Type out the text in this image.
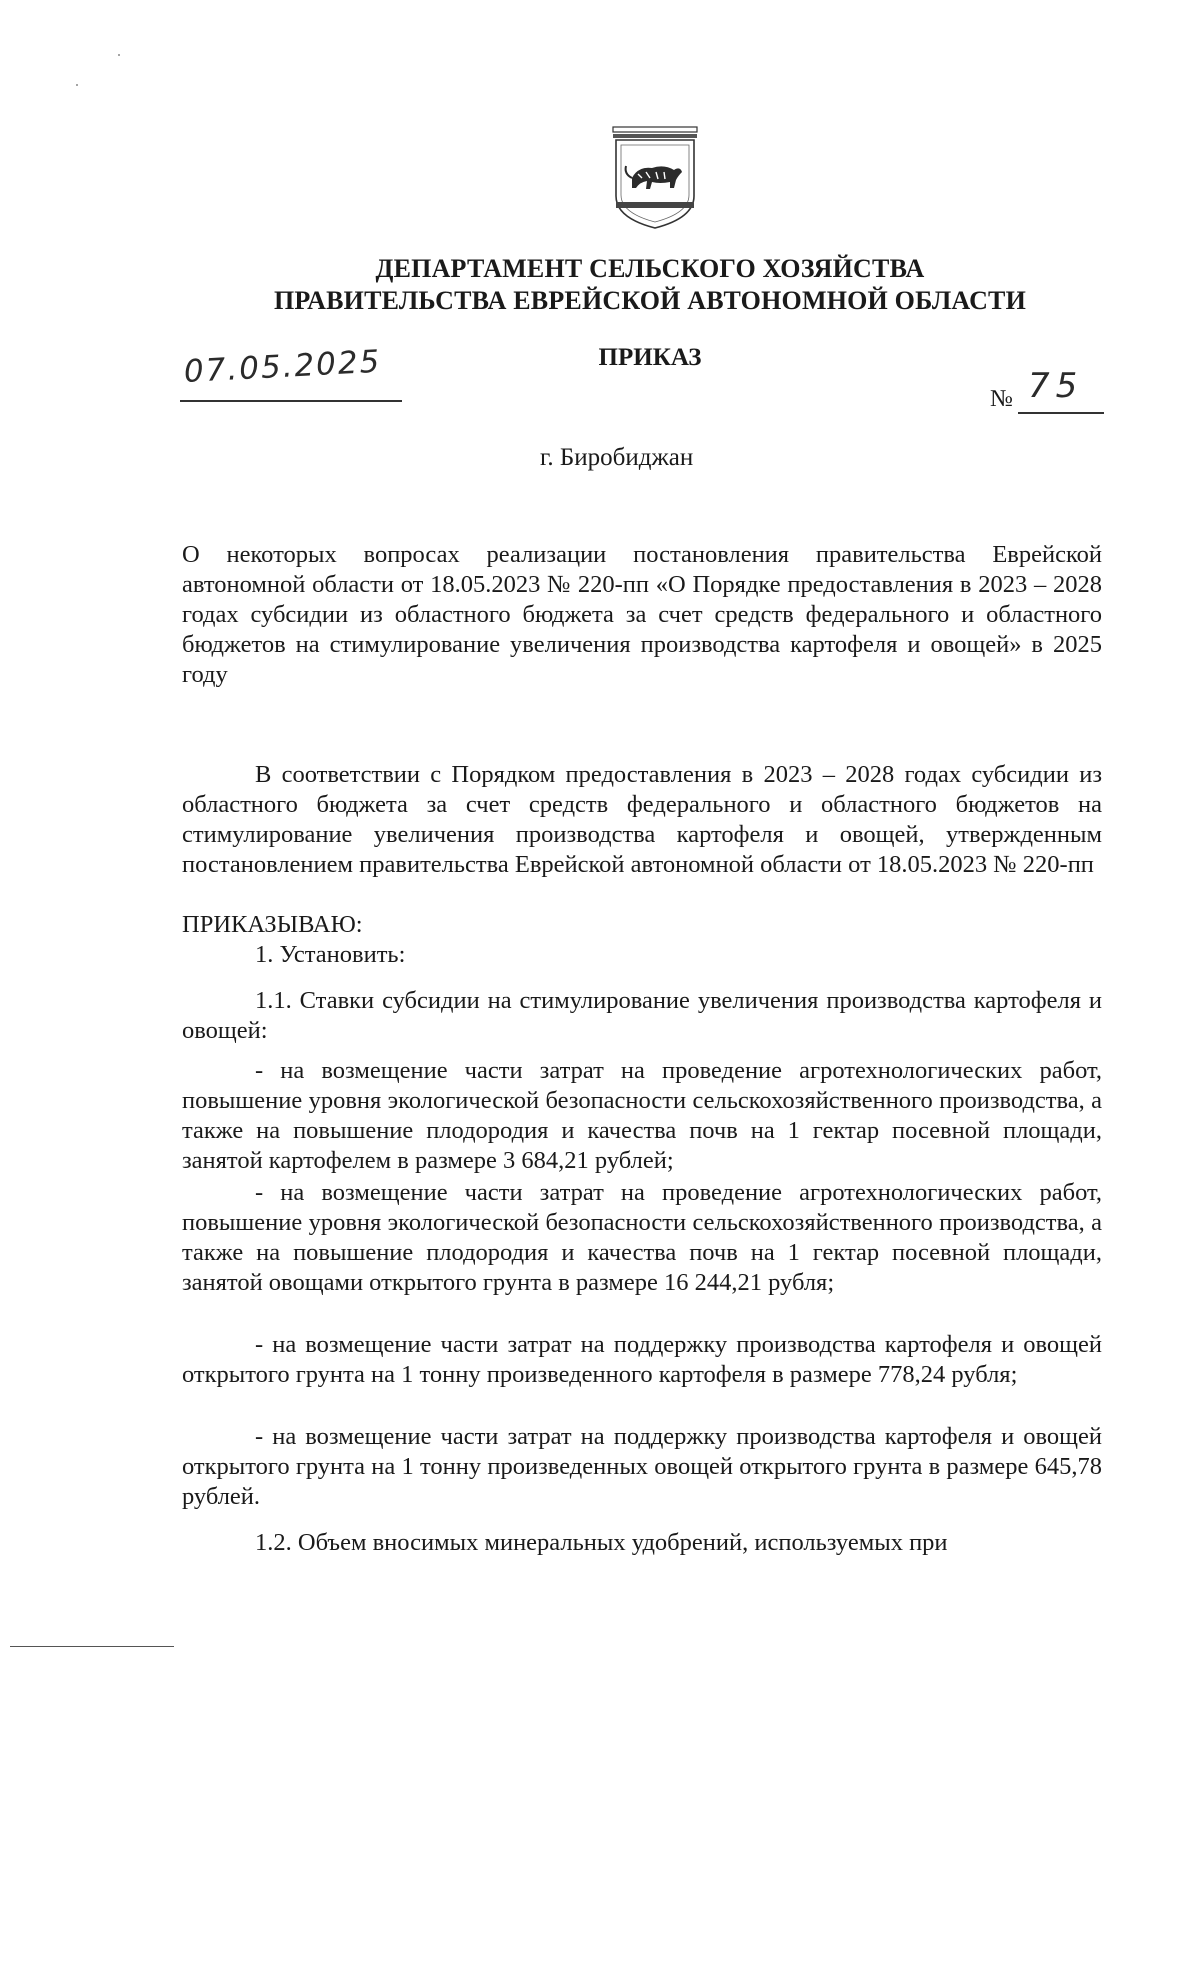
ДЕПАРТАМЕНТ СЕЛЬСКОГО ХОЗЯЙСТВА
ПРАВИТЕЛЬСТВА ЕВРЕЙСКОЙ АВТОНОМНОЙ ОБЛАСТИ
ПРИКАЗ
07.05.2025
№ 75
г. Биробиджан
О некоторых вопросах реализации постановления правительства Еврейской автономной области от 18.05.2023 № 220-пп «О Порядке предоставления в 2023 – 2028 годах субсидии из областного бюджета за счет средств федерального и областного бюджетов на стимулирование увеличения производства картофеля и овощей» в 2025 году
В соответствии с Порядком предоставления в 2023 – 2028 годах субсидии из областного бюджета за счет средств федерального и областного бюджетов на стимулирование увеличения производства картофеля и овощей, утвержденным постановлением правительства Еврейской автономной области от 18.05.2023 № 220-пп
ПРИКАЗЫВАЮ:
1. Установить:
1.1. Ставки субсидии на стимулирование увеличения производства картофеля и овощей:
- на возмещение части затрат на проведение агротехнологических работ, повышение уровня экологической безопасности сельскохозяйственного производства, а также на повышение плодородия и качества почв на 1 гектар посевной площади, занятой картофелем в размере 3 684,21 рублей;
- на возмещение части затрат на проведение агротехнологических работ, повышение уровня экологической безопасности сельскохозяйственного производства, а также на повышение плодородия и качества почв на 1 гектар посевной площади, занятой овощами открытого грунта в размере 16 244,21 рубля;
- на возмещение части затрат на поддержку производства картофеля и овощей открытого грунта на 1 тонну произведенного картофеля в размере 778,24 рубля;
- на возмещение части затрат на поддержку производства картофеля и овощей открытого грунта на 1 тонну произведенных овощей открытого грунта в размере 645,78 рублей.
1.2. Объем вносимых минеральных удобрений, используемых при
